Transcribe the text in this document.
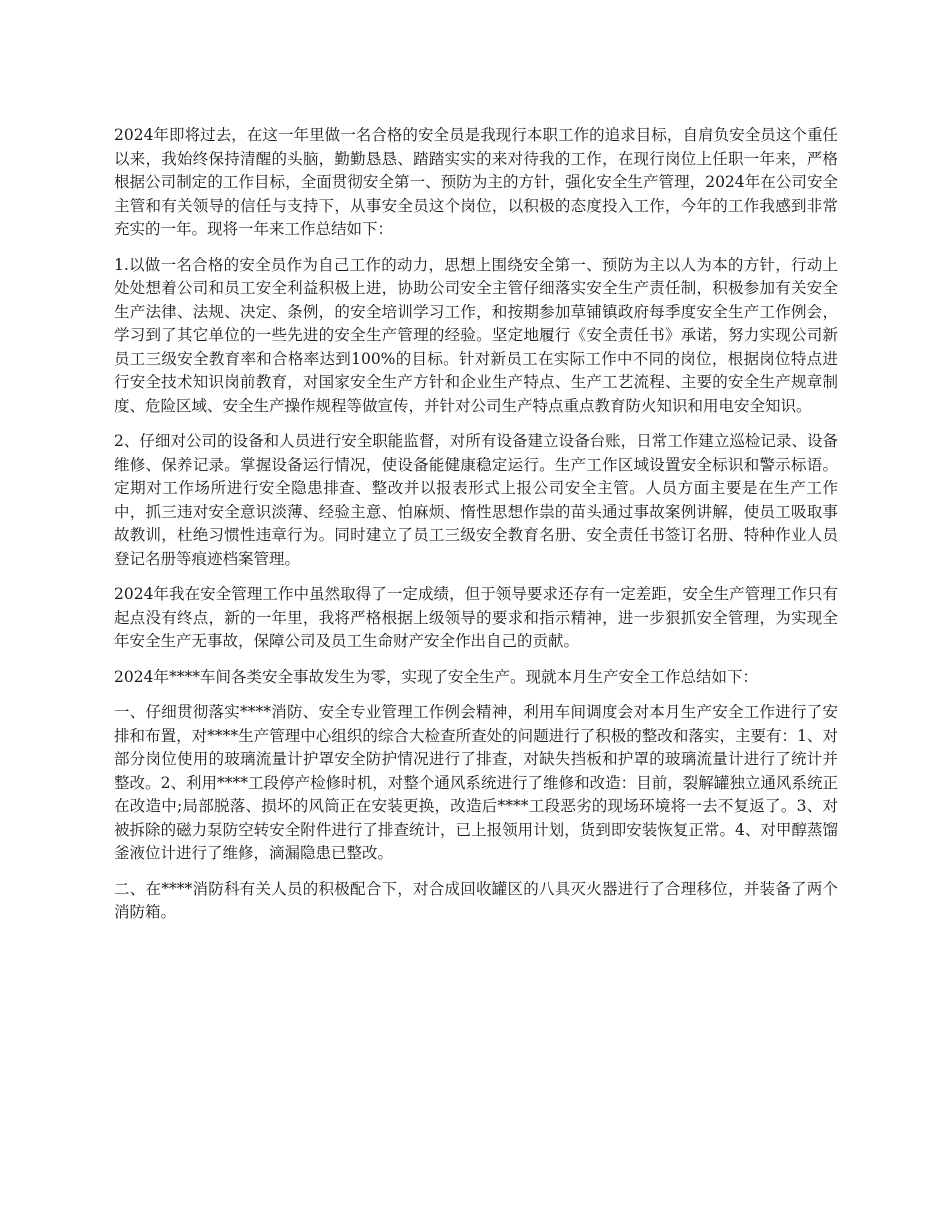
2024年即将过去，在这一年里做一名合格的安全员是我现行本职工作的追求目标，自肩负安全员这个重任以来，我始终保持清醒的头脑，勤勤恳恳、踏踏实实的来对待我的工作，在现行岗位上任职一年来，严格根据公司制定的工作目标，全面贯彻安全第一、预防为主的方针，强化安全生产管理，2024年在公司安全主管和有关领导的信任与支持下，从事安全员这个岗位，以积极的态度投入工作，今年的工作我感到非常充实的一年。现将一年来工作总结如下：

1.以做一名合格的安全员作为自己工作的动力，思想上围绕安全第一、预防为主以人为本的方针，行动上处处想着公司和员工安全利益积极上进，协助公司安全主管仔细落实安全生产责任制，积极参加有关安全生产法律、法规、决定、条例，的安全培训学习工作，和按期参加草铺镇政府每季度安全生产工作例会，学习到了其它单位的一些先进的安全生产管理的经验。坚定地履行《安全责任书》承诺，努力实现公司新员工三级安全教育率和合格率达到100%的目标。针对新员工在实际工作中不同的岗位，根据岗位特点进行安全技术知识岗前教育，对国家安全生产方针和企业生产特点、生产工艺流程、主要的安全生产规章制度、危险区域、安全生产操作规程等做宣传，并针对公司生产特点重点教育防火知识和用电安全知识。

2、仔细对公司的设备和人员进行安全职能监督，对所有设备建立设备台账，日常工作建立巡检记录、设备维修、保养记录。掌握设备运行情况，使设备能健康稳定运行。生产工作区域设置安全标识和警示标语。定期对工作场所进行安全隐患排查、整改并以报表形式上报公司安全主管。人员方面主要是在生产工作中，抓三违对安全意识淡薄、经验主意、怕麻烦、惰性思想作祟的苗头通过事故案例讲解，使员工吸取事故教训，杜绝习惯性违章行为。同时建立了员工三级安全教育名册、安全责任书签订名册、特种作业人员登记名册等痕迹档案管理。

2024年我在安全管理工作中虽然取得了一定成绩，但于领导要求还存有一定差距，安全生产管理工作只有起点没有终点，新的一年里，我将严格根据上级领导的要求和指示精神，进一步狠抓安全管理，为实现全年安全生产无事故，保障公司及员工生命财产安全作出自己的贡献。

2024年****车间各类安全事故发生为零，实现了安全生产。现就本月生产安全工作总结如下：

一、仔细贯彻落实****消防、安全专业管理工作例会精神，利用车间调度会对本月生产安全工作进行了安排和布置，对****生产管理中心组织的综合大检查所查处的问题进行了积极的整改和落实，主要有：1、对部分岗位使用的玻璃流量计护罩安全防护情况进行了排查，对缺失挡板和护罩的玻璃流量计进行了统计并整改。2、利用****工段停产检修时机，对整个通风系统进行了维修和改造：目前，裂解罐独立通风系统正在改造中;局部脱落、损坏的风筒正在安装更换，改造后****工段恶劣的现场环境将一去不复返了。3、对被拆除的磁力泵防空转安全附件进行了排查统计，已上报领用计划，货到即安装恢复正常。4、对甲醇蒸馏釜液位计进行了维修，滴漏隐患已整改。

二、在****消防科有关人员的积极配合下，对合成回收罐区的八具灭火器进行了合理移位，并装备了两个消防箱。
